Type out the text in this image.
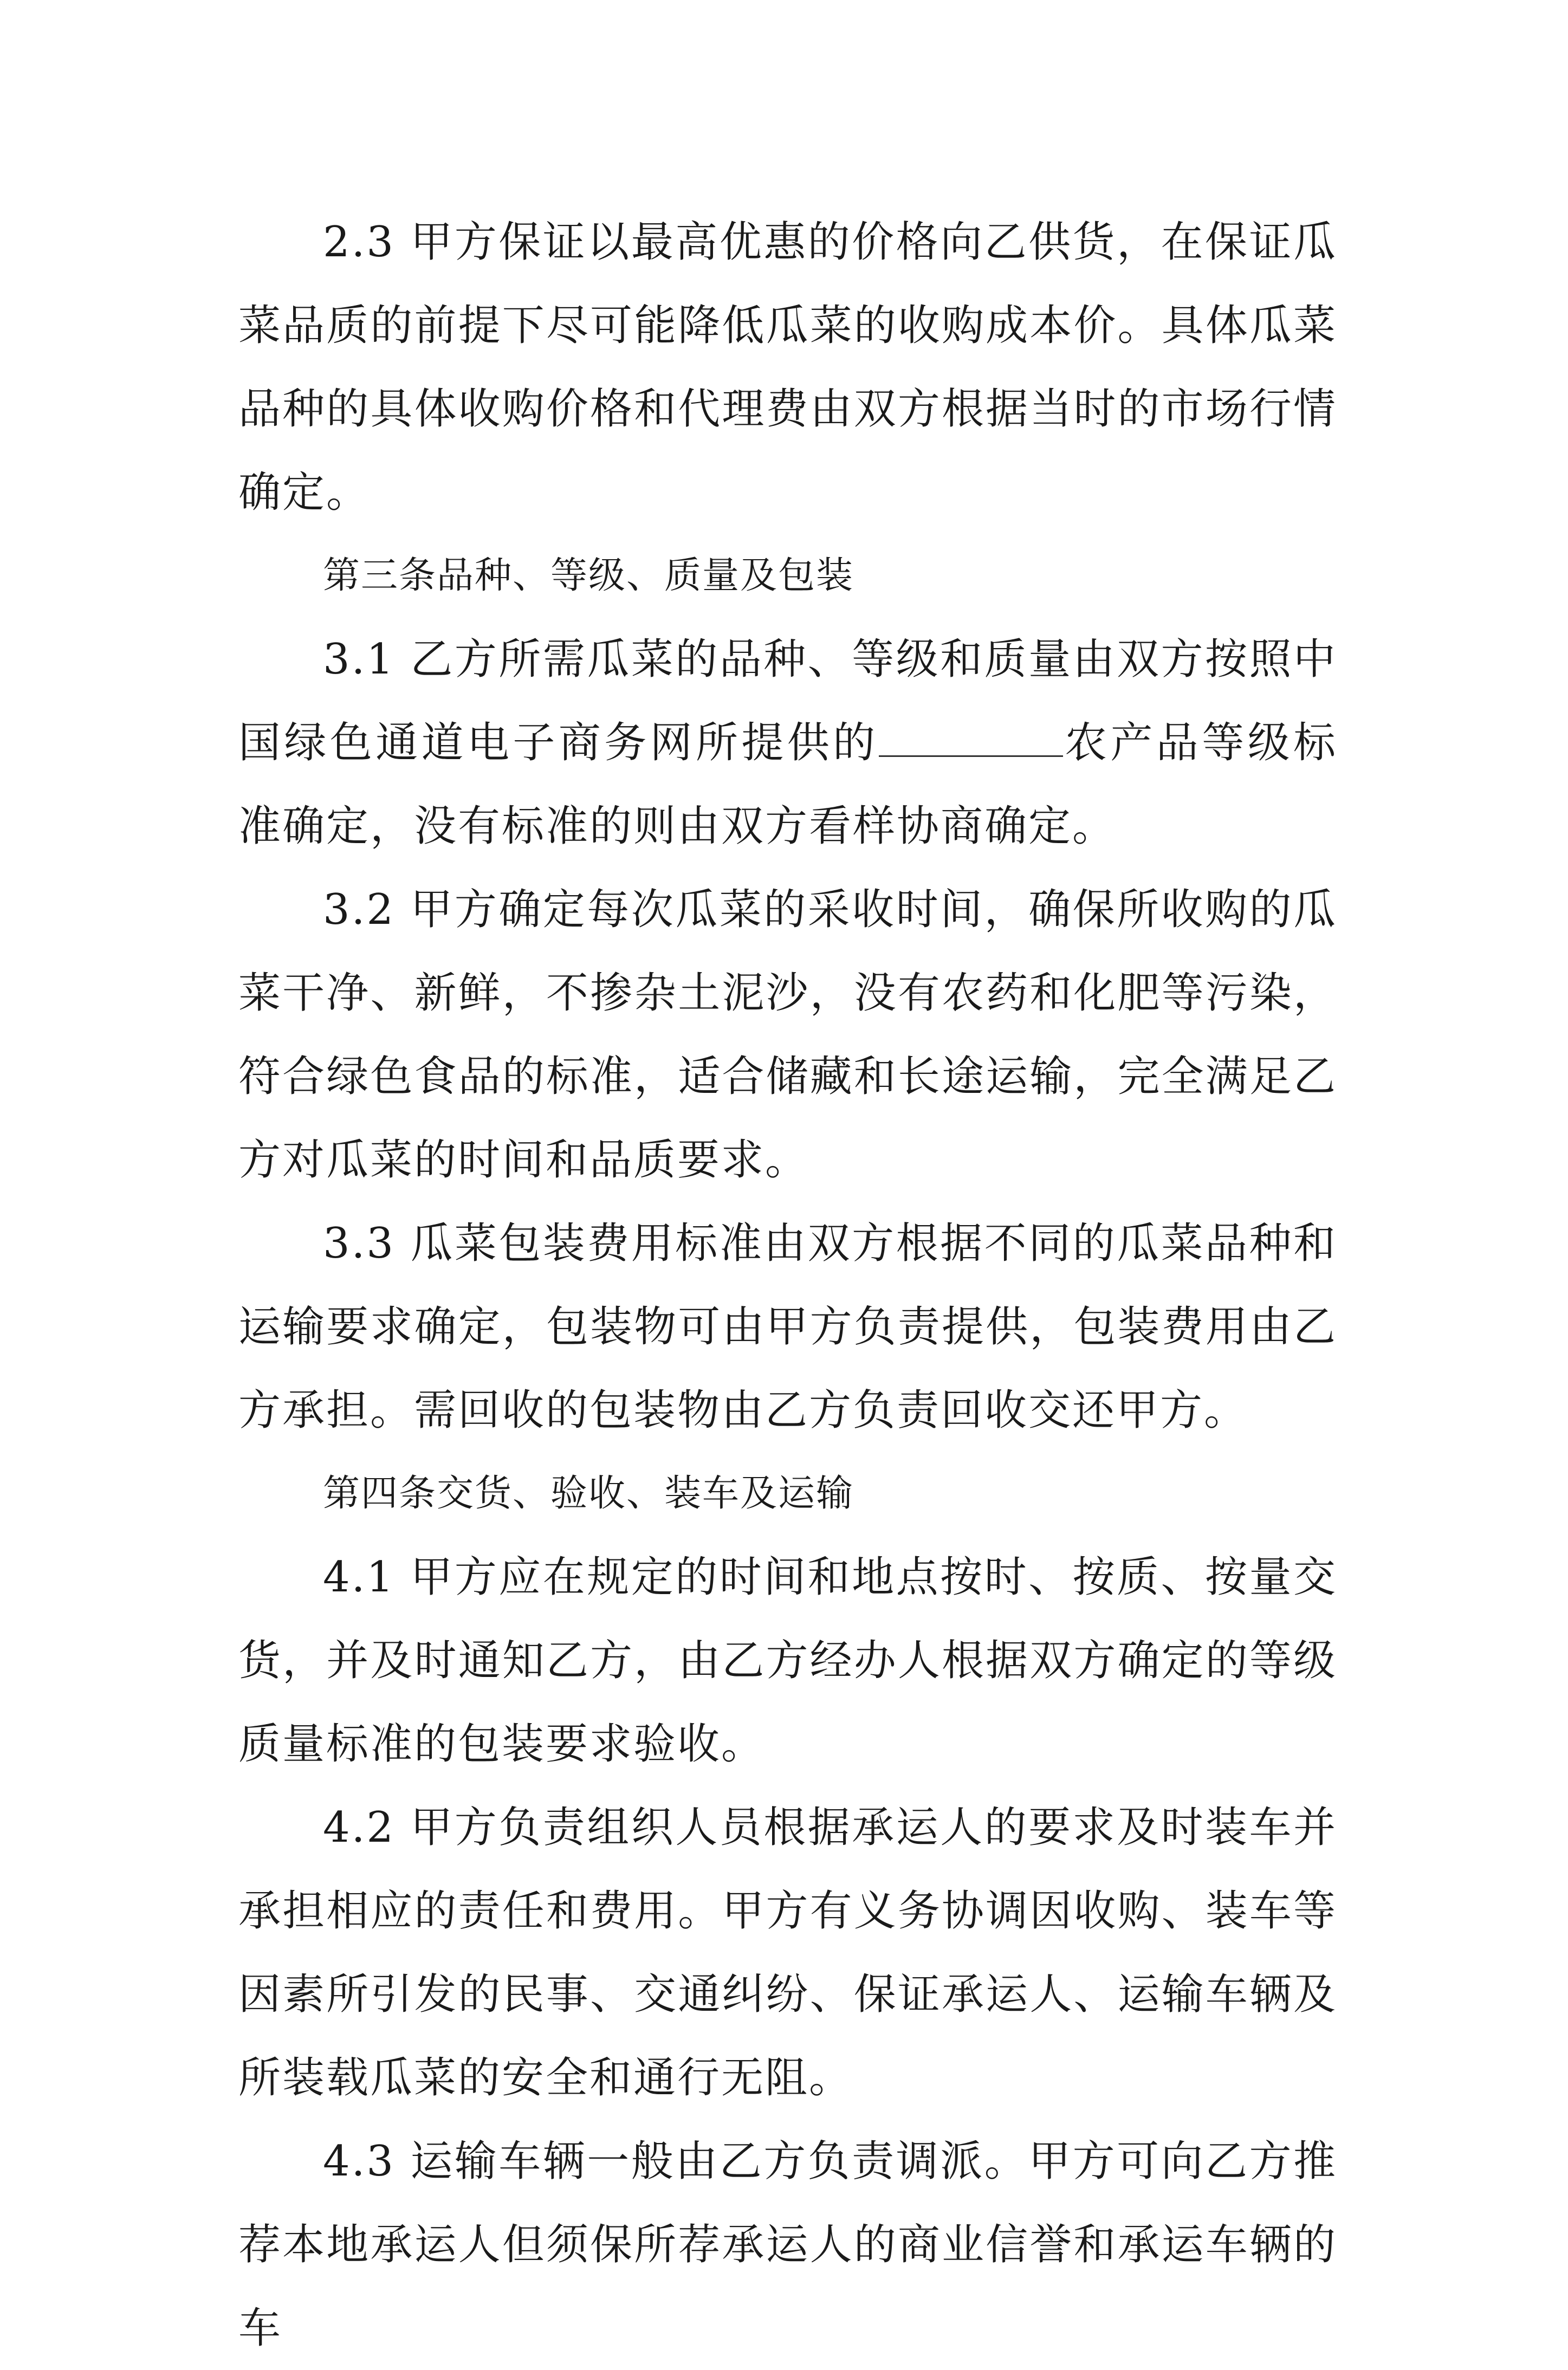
2.3 甲方保证以最高优惠的价格向乙供货，在保证瓜菜品质的前提下尽可能降低瓜菜的收购成本价。具体瓜菜品种的具体收购价格和代理费由双方根据当时的市场行情确定。

第三条品种、等级、质量及包装

3.1 乙方所需瓜菜的品种、等级和质量由双方按照中国绿色通道电子商务网所提供的	农产品等级标准确定，没有标准的则由双方看样协商确定。

3.2 甲方确定每次瓜菜的采收时间，确保所收购的瓜菜干净、新鲜，不掺杂土泥沙，没有农药和化肥等污染，符合绿色食品的标准，适合储藏和长途运输，完全满足乙方对瓜菜的时间和品质要求。

3.3 瓜菜包装费用标准由双方根据不同的瓜菜品种和运输要求确定，包装物可由甲方负责提供，包装费用由乙方承担。需回收的包装物由乙方负责回收交还甲方。

第四条交货、验收、装车及运输

4.1 甲方应在规定的时间和地点按时、按质、按量交货，并及时通知乙方，由乙方经办人根据双方确定的等级质量标准的包装要求验收。

4.2 甲方负责组织人员根据承运人的要求及时装车并承担相应的责任和费用。甲方有义务协调因收购、装车等因素所引发的民事、交通纠纷、保证承运人、运输车辆及所装载瓜菜的安全和通行无阻。

4.3 运输车辆一般由乙方负责调派。甲方可向乙方推荐本地承运人但须保所荐承运人的商业信誉和承运车辆的车
